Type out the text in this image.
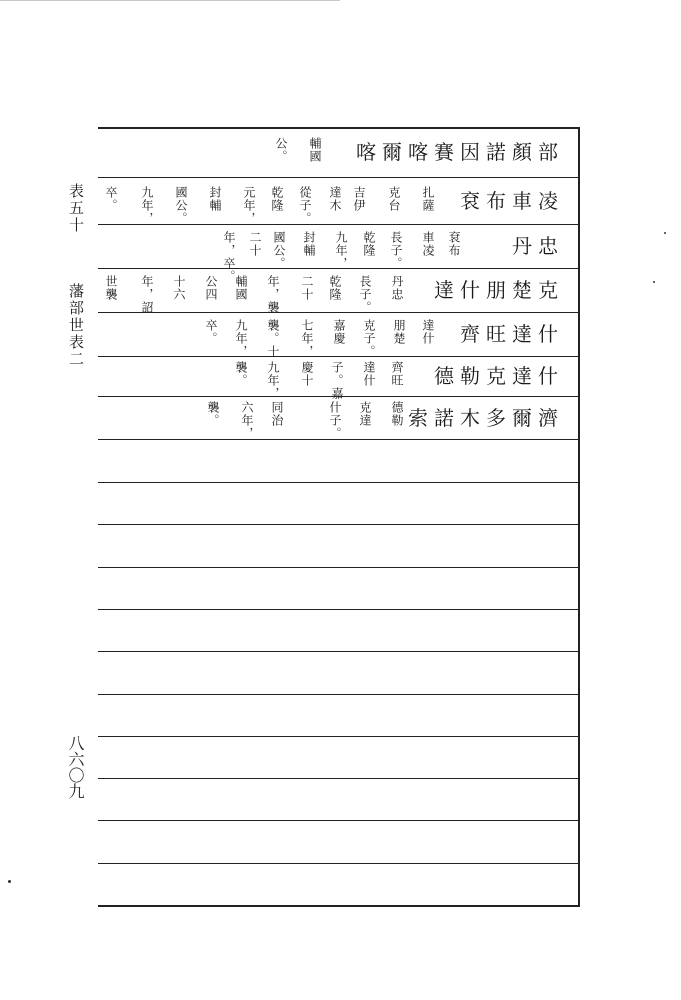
表五十
藩部世表二
八六〇九
喀爾喀賽因諾顏部
輔國
公。
袞布車凌
扎薩
克台
吉伊
達木
從子。
乾隆
元年，
封輔
國公。
九年，
卒。
丹忠
袞布
車凌
長子。
乾隆
九年，
封輔
國公。
二十
年，卒。
達什朋楚克
丹忠
長子。
乾隆
二十
年，襲
輔國
公四
十六
年，詔
世襲
齊旺達什
達什
朋楚
克子。
嘉慶
七年，
襲。十
九年，
卒。
德勒克達什
齊旺
達什
子。嘉
慶十
九年，
襲。
索諾木多爾濟
德勒
克達
什子。
同治
六年，
襲。
